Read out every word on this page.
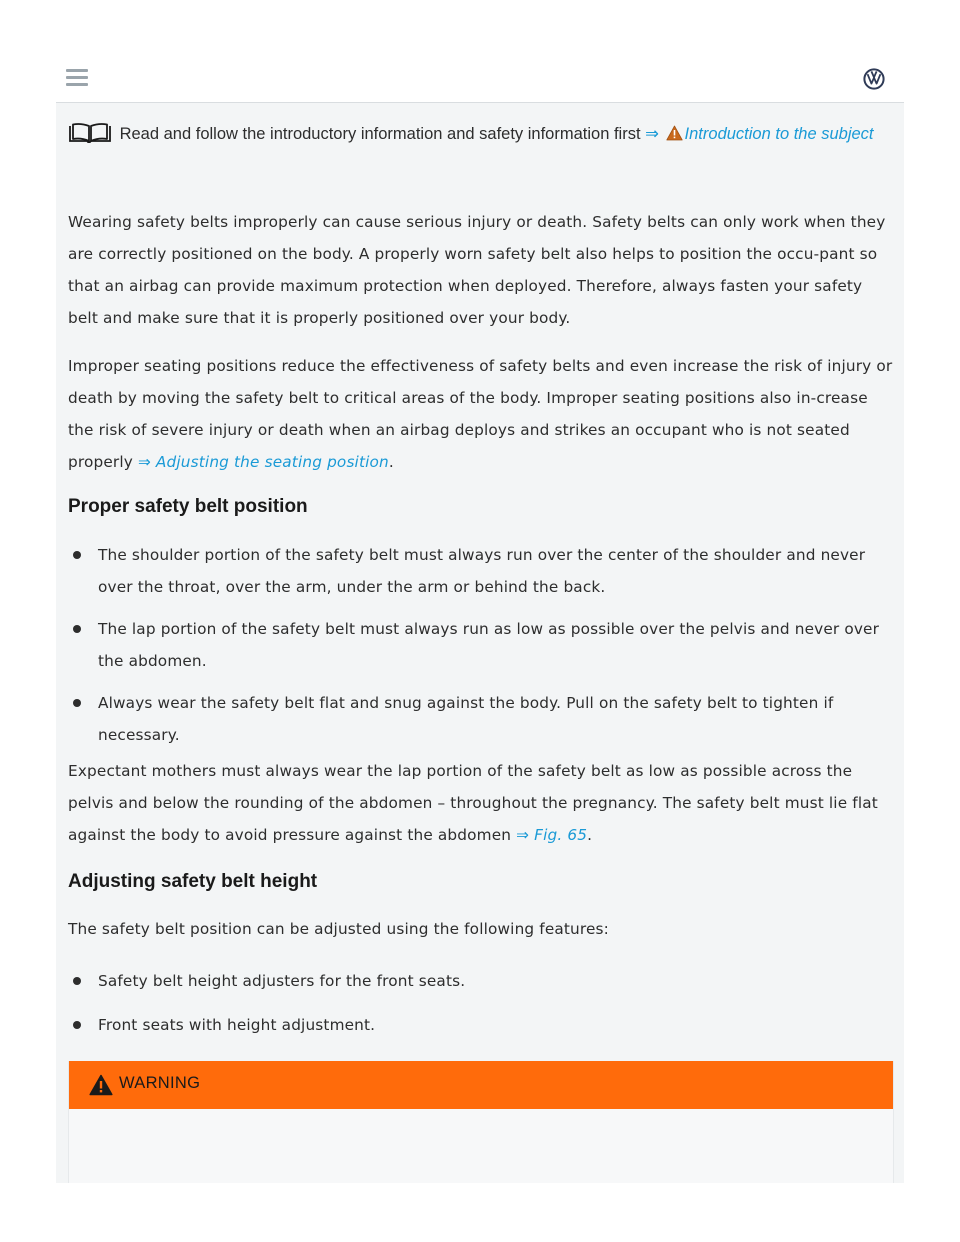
Read and follow the introductory information and safety information first ⇒ Introduction to the subject
Wearing safety belts improperly can cause serious injury or death. Safety belts can only work when they are correctly positioned on the body. A properly worn safety belt also helps to position the occu-pant so that an airbag can provide maximum protection when deployed. Therefore, always fasten your safety belt and make sure that it is properly positioned over your body.
Improper seating positions reduce the effectiveness of safety belts and even increase the risk of injury or death by moving the safety belt to critical areas of the body. Improper seating positions also in-crease the risk of severe injury or death when an airbag deploys and strikes an occupant who is not seated properly ⇒ Adjusting the seating position.
Proper safety belt position
The shoulder portion of the safety belt must always run over the center of the shoulder and never over the throat, over the arm, under the arm or behind the back.
The lap portion of the safety belt must always run as low as possible over the pelvis and never over the abdomen.
Always wear the safety belt flat and snug against the body. Pull on the safety belt to tighten if necessary.
Expectant mothers must always wear the lap portion of the safety belt as low as possible across the pelvis and below the rounding of the abdomen – throughout the pregnancy. The safety belt must lie flat against the body to avoid pressure against the abdomen ⇒ Fig. 65.
Adjusting safety belt height
The safety belt position can be adjusted using the following features:
Safety belt height adjusters for the front seats.
Front seats with height adjustment.
WARNING
